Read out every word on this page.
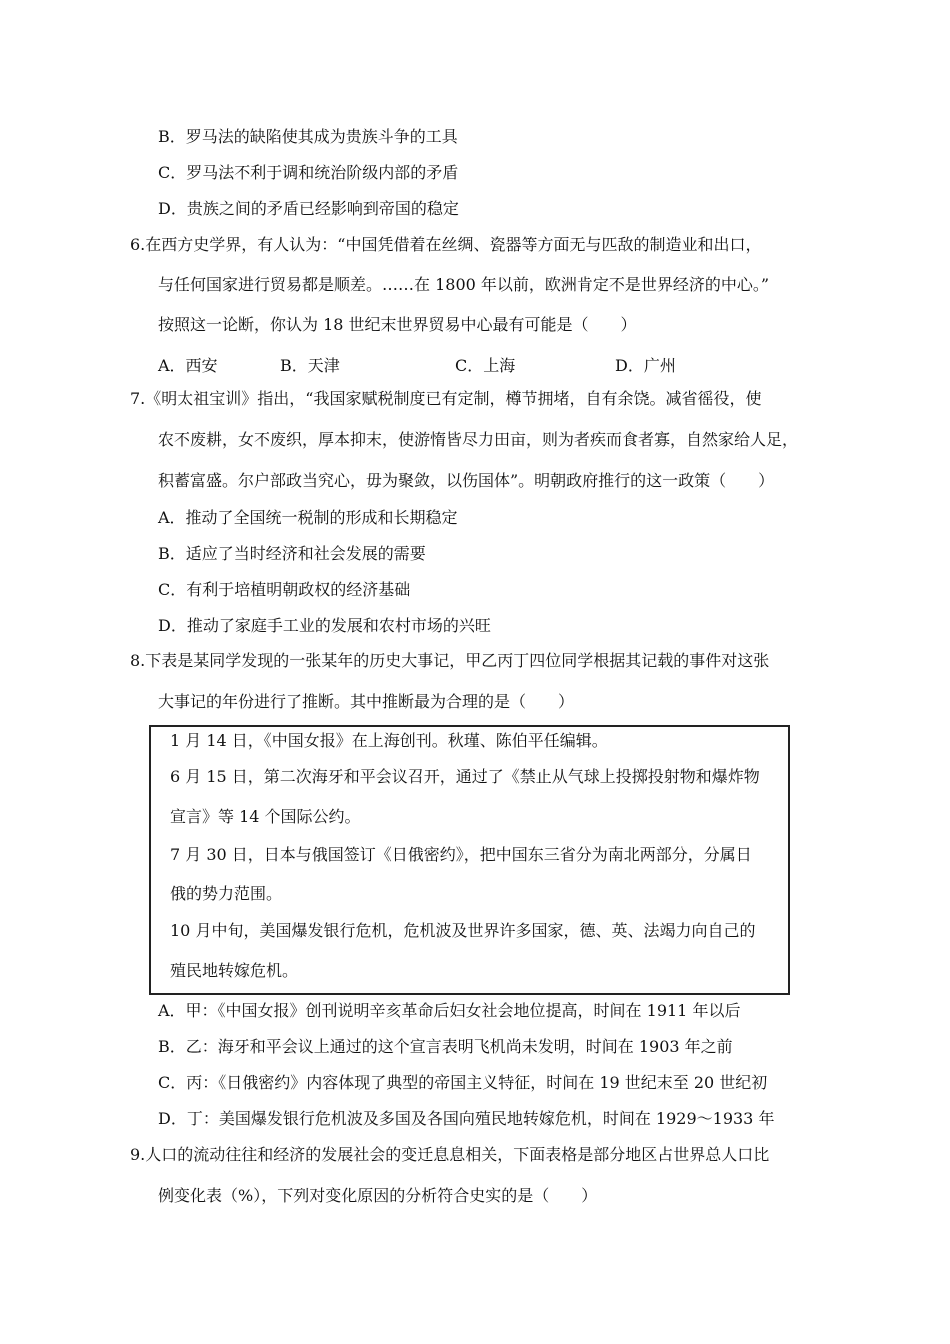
B．罗马法的缺陷使其成为贵族斗争的工具
C．罗马法不利于调和统治阶级内部的矛盾
D．贵族之间的矛盾已经影响到帝国的稳定
6.在西方史学界，有人认为：“中国凭借着在丝绸、瓷器等方面无与匹敌的制造业和出口，
与任何国家进行贸易都是顺差。……在 1800 年以前，欧洲肯定不是世界经济的中心。”
按照这一论断，你认为 18 世纪末世界贸易中心最有可能是（　　）
A．西安	B．天津	C．上海	D．广州
7.《明太祖宝训》指出，“我国家赋税制度已有定制，樽节拥堵，自有余饶。减省徭役，使
农不废耕，女不废织，厚本抑末，使游惰皆尽力田亩，则为者疾而食者寡，自然家给人足，
积蓄富盛。尔户部政当究心，毋为聚敛，以伤国体”。明朝政府推行的这一政策（　　）
A．推动了全国统一税制的形成和长期稳定
B．适应了当时经济和社会发展的需要
C．有利于培植明朝政权的经济基础
D．推动了家庭手工业的发展和农村市场的兴旺
8.下表是某同学发现的一张某年的历史大事记，甲乙丙丁四位同学根据其记载的事件对这张
大事记的年份进行了推断。其中推断最为合理的是（　　）
1 月 14 日，《中国女报》在上海创刊。秋瑾、陈伯平任编辑。
6 月 15 日，第二次海牙和平会议召开，通过了《禁止从气球上投掷投射物和爆炸物
宣言》等 14 个国际公约。
7 月 30 日，日本与俄国签订《日俄密约》，把中国东三省分为南北两部分，分属日
俄的势力范围。
10 月中旬，美国爆发银行危机，危机波及世界许多国家，德、英、法竭力向自己的
殖民地转嫁危机。
A．甲：《中国女报》创刊说明辛亥革命后妇女社会地位提高，时间在 1911 年以后
B．乙：海牙和平会议上通过的这个宣言表明飞机尚未发明，时间在 1903 年之前
C．丙：《日俄密约》内容体现了典型的帝国主义特征，时间在 19 世纪末至 20 世纪初
D．丁：美国爆发银行危机波及多国及各国向殖民地转嫁危机，时间在 1929～1933 年
9.人口的流动往往和经济的发展社会的变迁息息相关，下面表格是部分地区占世界总人口比
例变化表（%），下列对变化原因的分析符合史实的是（　　）
